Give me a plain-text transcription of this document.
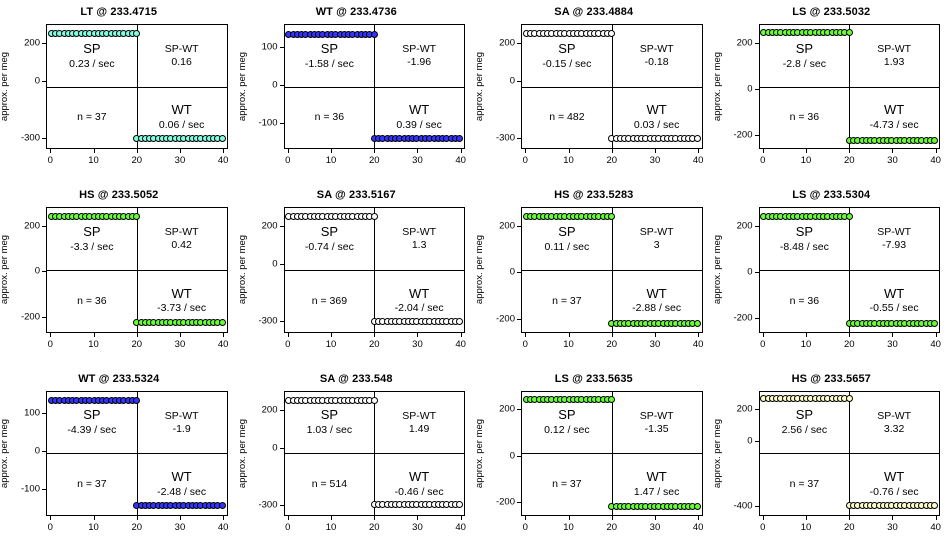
LT @ 233.4715
approx. per meg
200
0
-300
SP
0.23 / sec
SP-WT
0.16
n = 37
WT
0.06 / sec
0	10	20	30	40
WT @ 233.4736
approx. per meg
100
0
-100
SP
-1.58 / sec
SP-WT
-1.96
n = 36
WT
0.39 / sec
0	10	20	30	40
SA @ 233.4884
approx. per meg
200
0
-300
SP
-0.15 / sec
SP-WT
-0.18
n = 482
WT
0.03 / sec
0	10	20	30	40
LS @ 233.5032
approx. per meg
200
0
-200
SP
-2.8 / sec
SP-WT
1.93
n = 36
WT
-4.73 / sec
0	10	20	30	40
HS @ 233.5052
approx. per meg
200
0
-200
SP
-3.3 / sec
SP-WT
0.42
n = 36
WT
-3.73 / sec
0	10	20	30	40
SA @ 233.5167
approx. per meg
200
0
-300
SP
-0.74 / sec
SP-WT
1.3
n = 369
WT
-2.04 / sec
0	10	20	30	40
HS @ 233.5283
approx. per meg
200
0
-200
SP
0.11 / sec
SP-WT
3
n = 37
WT
-2.88 / sec
0	10	20	30	40
LS @ 233.5304
approx. per meg
200
0
-200
SP
-8.48 / sec
SP-WT
-7.93
n = 36
WT
-0.55 / sec
0	10	20	30	40
WT @ 233.5324
approx. per meg
100
0
-100
SP
-4.39 / sec
SP-WT
-1.9
n = 37
WT
-2.48 / sec
0	10	20	30	40
SA @ 233.548
approx. per meg
200
0
-300
SP
1.03 / sec
SP-WT
1.49
n = 514
WT
-0.46 / sec
0	10	20	30	40
LS @ 233.5635
approx. per meg
200
0
-200
SP
0.12 / sec
SP-WT
-1.35
n = 37
WT
1.47 / sec
0	10	20	30	40
HS @ 233.5657
approx. per meg
200
0
-400
SP
2.56 / sec
SP-WT
3.32
n = 37
WT
-0.76 / sec
0	10	20	30	40
